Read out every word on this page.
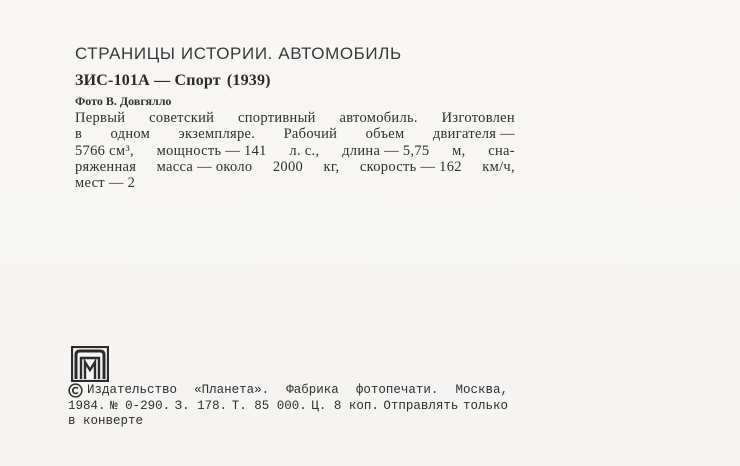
СТРАНИЦЫ ИСТОРИИ. АВТОМОБИЛЬ
ЗИС-101А — Спорт (1939)
Фото В. Довгялло
Первый советский спортивный автомобиль. Изготовлен
в одном экземпляре. Рабочий объем двигателя —
5766 см³, мощность — 141 л. с., длина — 5,75 м, сна-
ряженная масса — около 2000 кг, скорость — 162 км/ч,
мест — 2
Издательство «Планета». Фабрика фотопечати. Москва,
1984. № 0-290. З. 178. Т. 85 000. Ц. 8 коп. Отправлять только
в конверте
